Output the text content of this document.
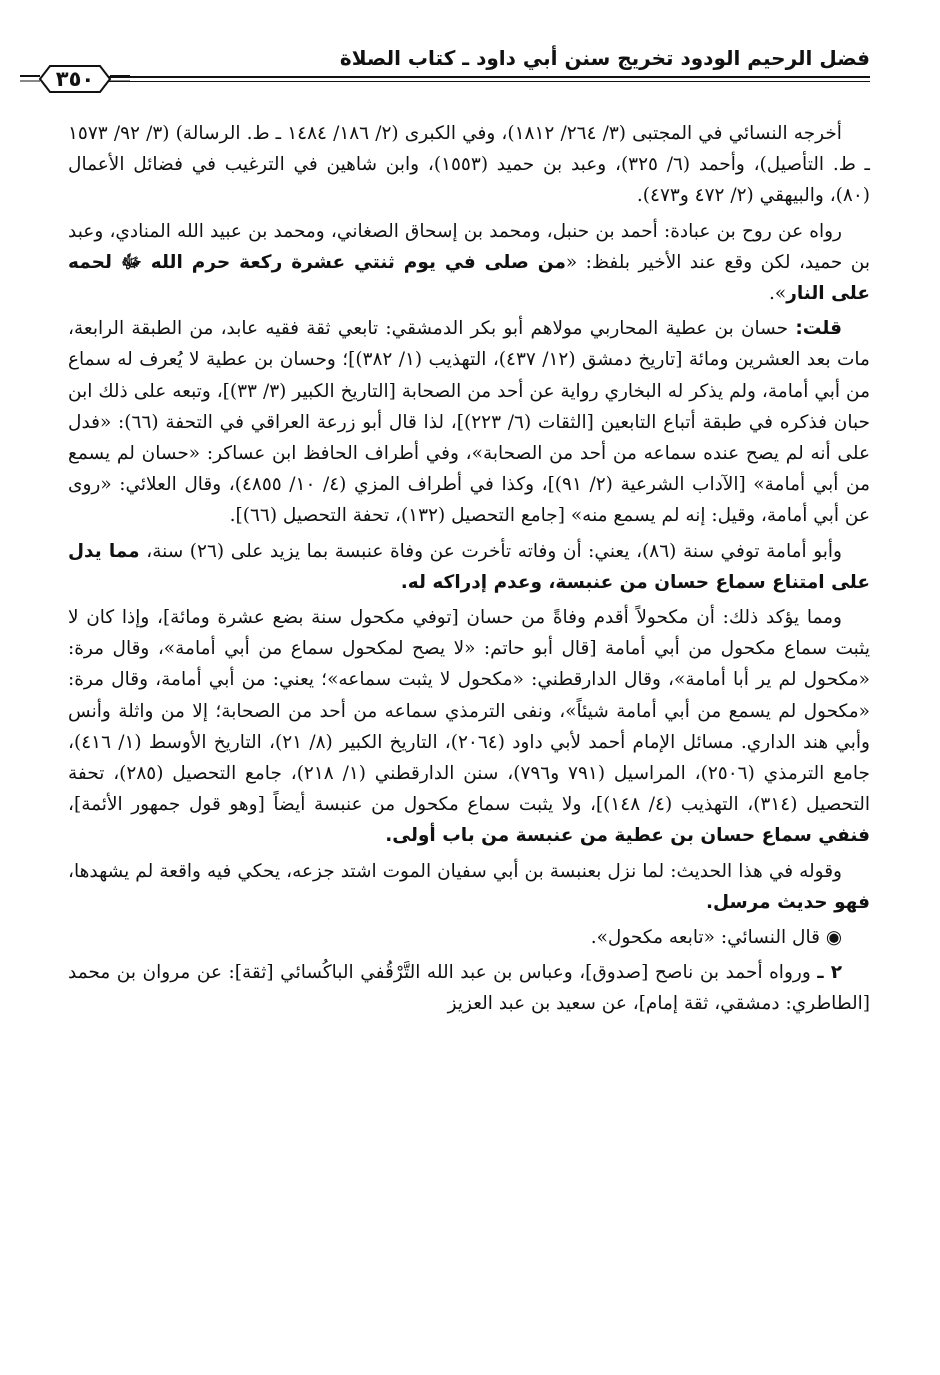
فضل الرحيم الودود تخريج سنن أبي داود ـ كتاب الصلاة
٣٥٠

أخرجه النسائي في المجتبى (٣/ ٢٦٤/ ١٨١٢)، وفي الكبرى (٢/ ١٨٦/ ١٤٨٤ ـ ط. الرسالة) (٣/ ٩٢/ ١٥٧٣ ـ ط. التأصيل)، وأحمد (٦/ ٣٢٥)، وعبد بن حميد (١٥٥٣)، وابن شاهين في الترغيب في فضائل الأعمال (٨٠)، والبيهقي (٢/ ٤٧٢ و٤٧٣).

رواه عن روح بن عبادة: أحمد بن حنبل، ومحمد بن إسحاق الصغاني، ومحمد بن عبيد الله المنادي، وعبد بن حميد، لكن وقع عند الأخير بلفظ: «من صلى في يوم ثنتي عشرة ركعة حرم الله ﷻ لحمه على النار».

قلت: حسان بن عطية المحاربي مولاهم أبو بكر الدمشقي: تابعي ثقة فقيه عابد، من الطبقة الرابعة، مات بعد العشرين ومائة [تاريخ دمشق (١٢/ ٤٣٧)، التهذيب (١/ ٣٨٢)]؛ وحسان بن عطية لا يُعرف له سماع من أبي أمامة، ولم يذكر له البخاري رواية عن أحد من الصحابة [التاريخ الكبير (٣/ ٣٣)]، وتبعه على ذلك ابن حبان فذكره في طبقة أتباع التابعين [الثقات (٦/ ٢٢٣)]، لذا قال أبو زرعة العراقي في التحفة (٦٦): «فدل على أنه لم يصح عنده سماعه من أحد من الصحابة»، وفي أطراف الحافظ ابن عساكر: «حسان لم يسمع من أبي أمامة» [الآداب الشرعية (٢/ ٩١)]، وكذا في أطراف المزي (٤/ ١٠/ ٤٨٥٥)، وقال العلائي: «روى عن أبي أمامة، وقيل: إنه لم يسمع منه» [جامع التحصيل (١٣٢)، تحفة التحصيل (٦٦)].

وأبو أمامة توفي سنة (٨٦)، يعني: أن وفاته تأخرت عن وفاة عنبسة بما يزيد على (٢٦) سنة، مما يدل على امتناع سماع حسان من عنبسة، وعدم إدراكه له.

ومما يؤكد ذلك: أن مكحولاً أقدم وفاةً من حسان [توفي مكحول سنة بضع عشرة ومائة]، وإذا كان لا يثبت سماع مكحول من أبي أمامة [قال أبو حاتم: «لا يصح لمكحول سماع من أبي أمامة»، وقال مرة: «مكحول لم ير أبا أمامة»، وقال الدارقطني: «مكحول لا يثبت سماعه»؛ يعني: من أبي أمامة، وقال مرة: «مكحول لم يسمع من أبي أمامة شيئاً»، ونفى الترمذي سماعه من أحد من الصحابة؛ إلا من واثلة وأنس وأبي هند الداري. مسائل الإمام أحمد لأبي داود (٢٠٦٤)، التاريخ الكبير (٨/ ٢١)، التاريخ الأوسط (١/ ٤١٦)، جامع الترمذي (٢٥٠٦)، المراسيل (٧٩١ و٧٩٦)، سنن الدارقطني (١/ ٢١٨)، جامع التحصيل (٢٨٥)، تحفة التحصيل (٣١٤)، التهذيب (٤/ ١٤٨)]، ولا يثبت سماع مكحول من عنبسة أيضاً [وهو قول جمهور الأئمة]، فنفي سماع حسان بن عطية من عنبسة من باب أولى.

وقوله في هذا الحديث: لما نزل بعنبسة بن أبي سفيان الموت اشتد جزعه، يحكي فيه واقعة لم يشهدها، فهو حديث مرسل.

◉ قال النسائي: «تابعه مكحول».

٢ ـ ورواه أحمد بن ناصح [صدوق]، وعباس بن عبد الله التَّرْقُفي الباكُسائي [ثقة]: عن مروان بن محمد [الطاطري: دمشقي، ثقة إمام]، عن سعيد بن عبد العزيز
